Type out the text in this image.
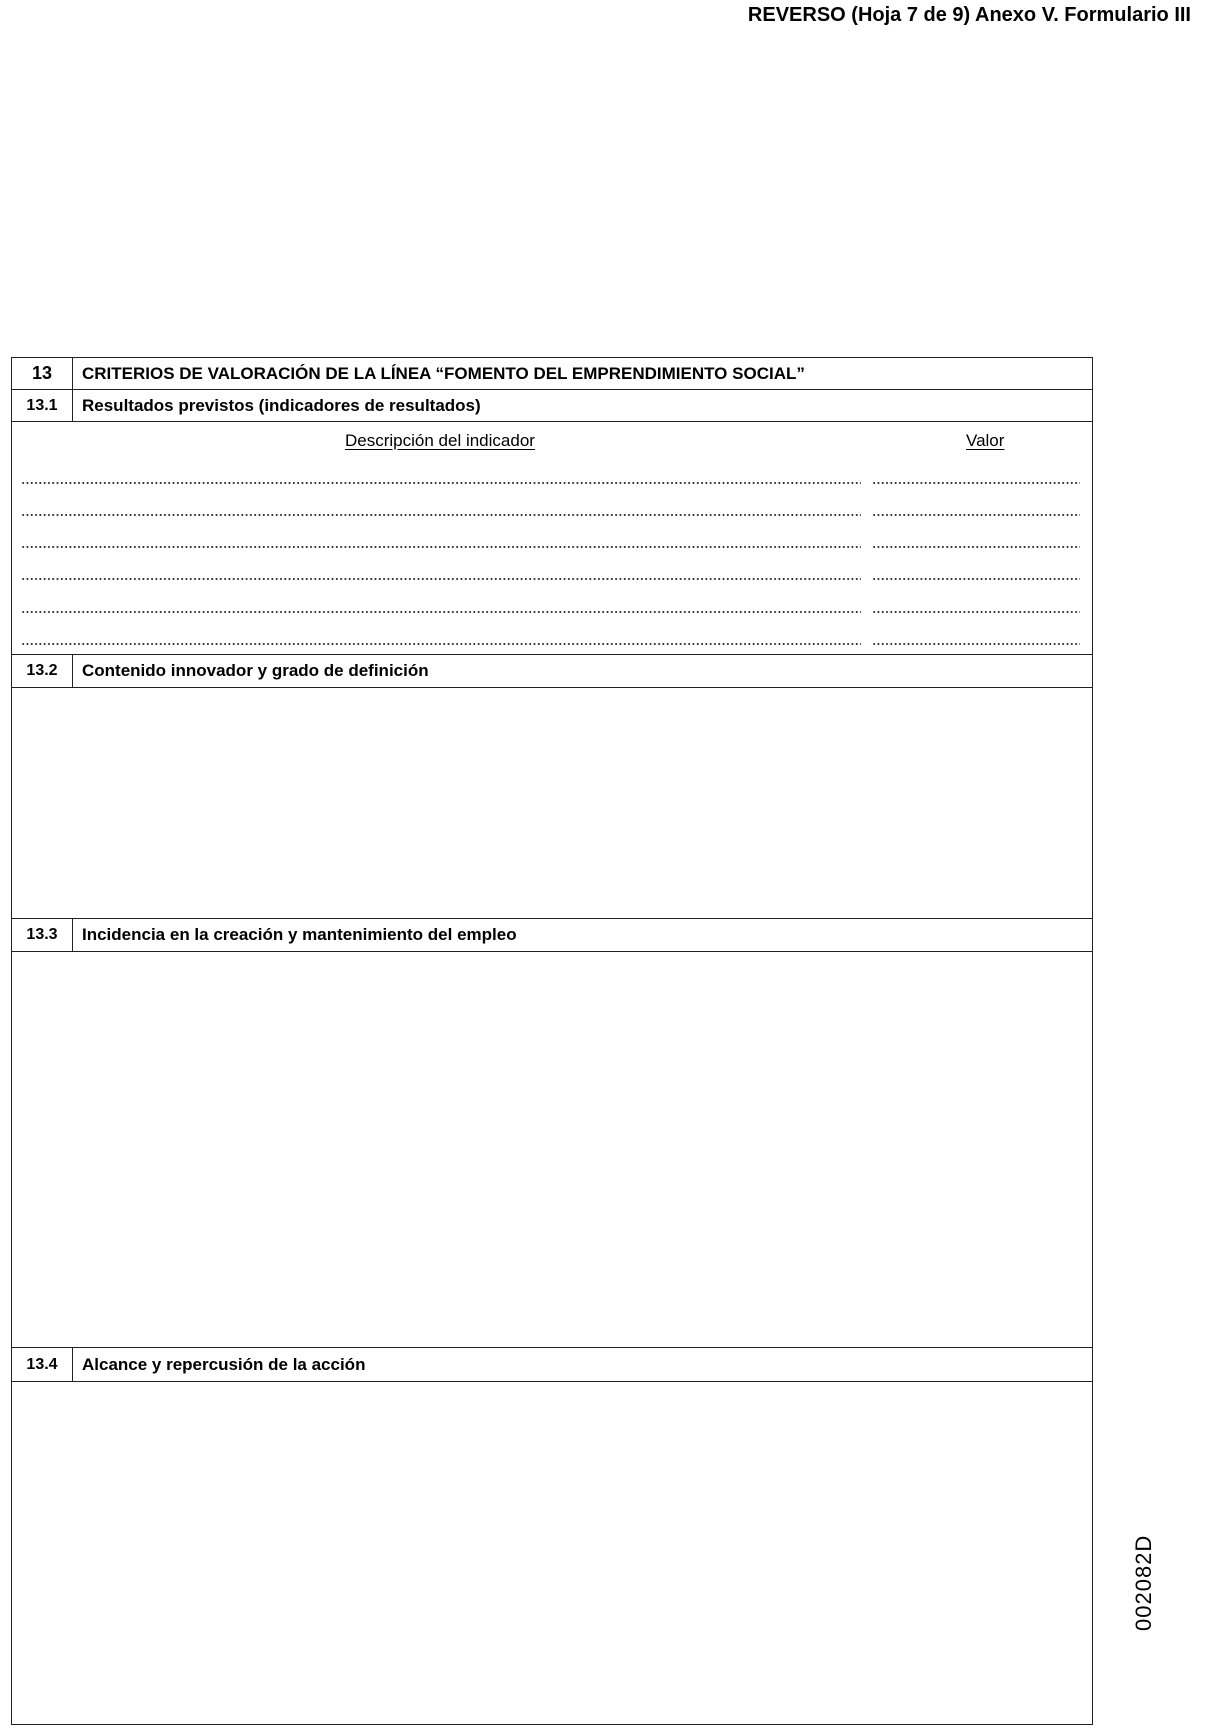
REVERSO (Hoja 7 de 9) Anexo V. Formulario III
002082D
13	CRITERIOS DE VALORACIÓN DE LA LÍNEA “FOMENTO DEL EMPRENDIMIENTO SOCIAL”
13.1	Resultados previstos (indicadores de resultados)
Descripción del indicador	Valor
13.2	Contenido innovador y grado de definición
13.3	Incidencia en la creación y mantenimiento del empleo
13.4	Alcance y repercusión de la acción
